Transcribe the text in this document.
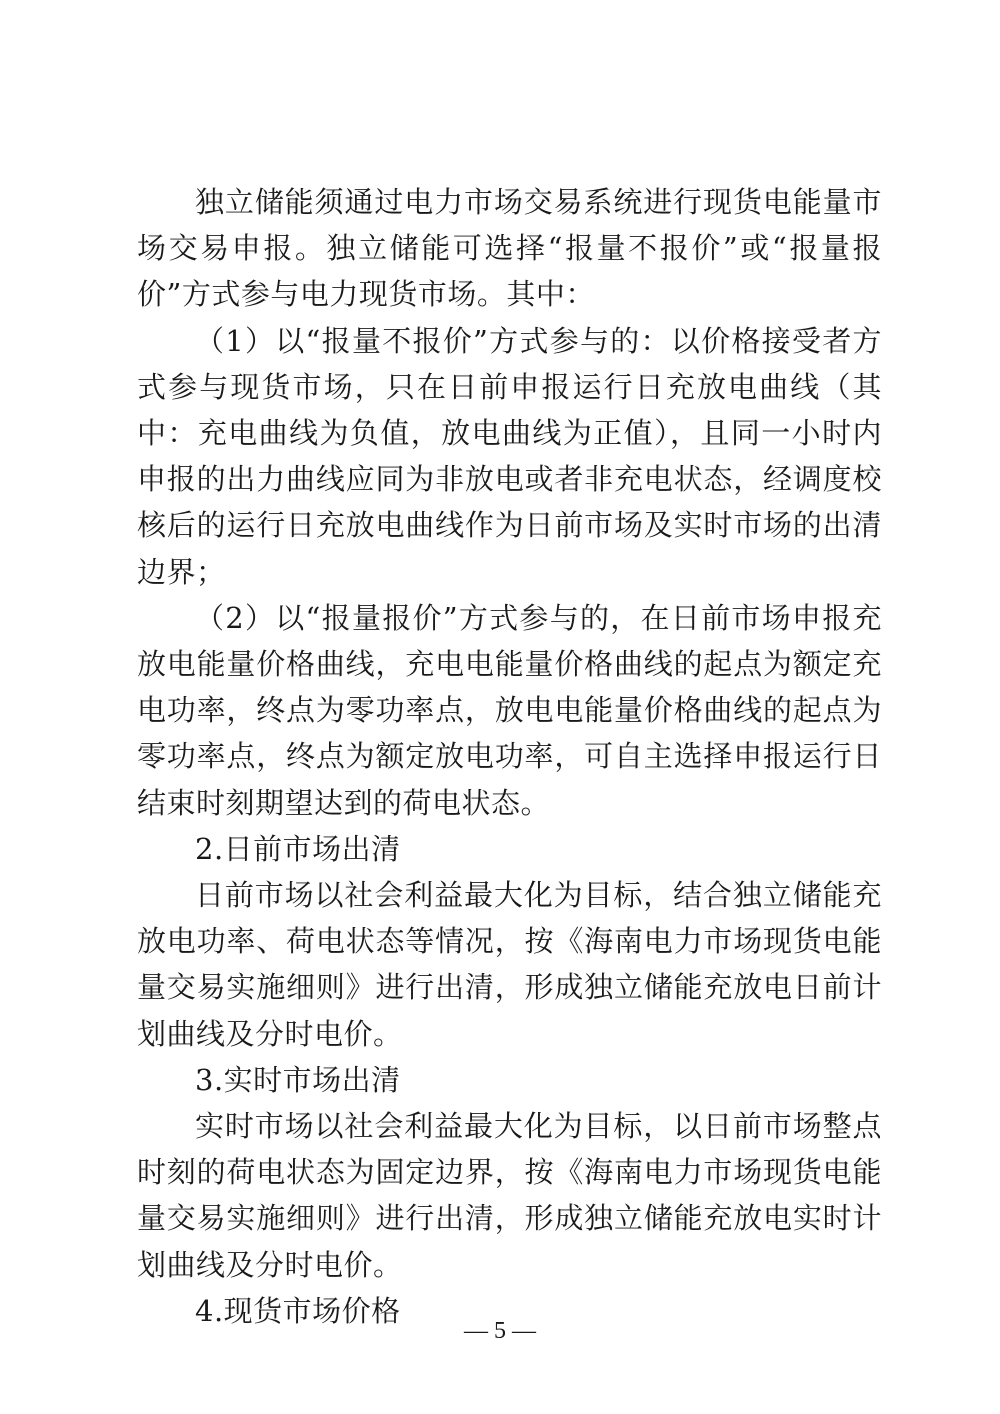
独立储能须通过电力市场交易系统进行现货电能量市场交易申报。独立储能可选择“报量不报价”或“报量报价”方式参与电力现货市场。其中：

（1）以“报量不报价”方式参与的：以价格接受者方式参与现货市场，只在日前申报运行日充放电曲线（其中：充电曲线为负值，放电曲线为正值），且同一小时内申报的出力曲线应同为非放电或者非充电状态，经调度校核后的运行日充放电曲线作为日前市场及实时市场的出清边界；

（2）以“报量报价”方式参与的，在日前市场申报充放电能量价格曲线，充电电能量价格曲线的起点为额定充电功率，终点为零功率点，放电电能量价格曲线的起点为零功率点，终点为额定放电功率，可自主选择申报运行日结束时刻期望达到的荷电状态。

2.日前市场出清

日前市场以社会利益最大化为目标，结合独立储能充放电功率、荷电状态等情况，按《海南电力市场现货电能量交易实施细则》进行出清，形成独立储能充放电日前计划曲线及分时电价。

3.实时市场出清

实时市场以社会利益最大化为目标，以日前市场整点时刻的荷电状态为固定边界，按《海南电力市场现货电能量交易实施细则》进行出清，形成独立储能充放电实时计划曲线及分时电价。

4.现货市场价格

— 5 —
